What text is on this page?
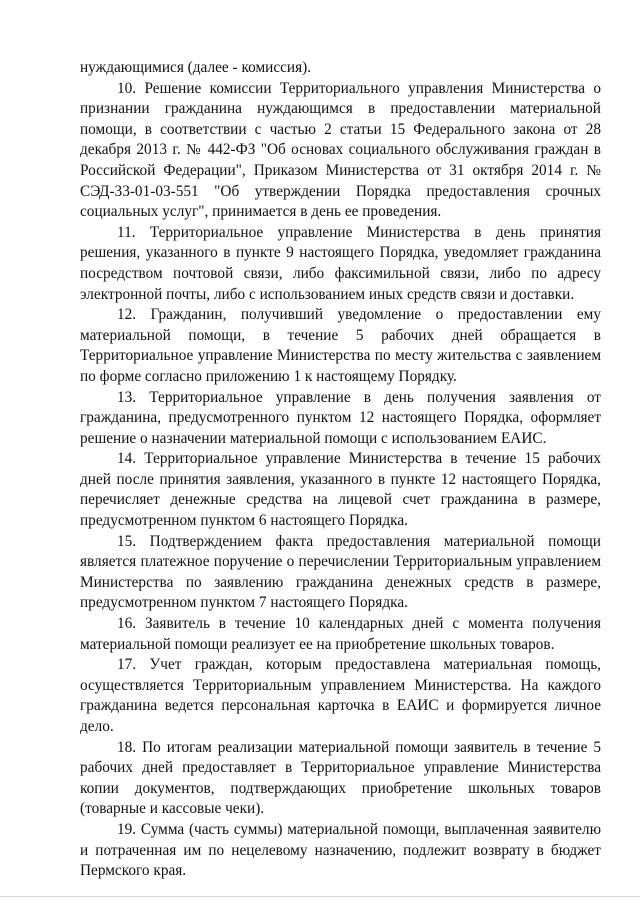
нуждающимися (далее - комиссия).

10. Решение комиссии Территориального управления Министерства о признании гражданина нуждающимся в предоставлении материальной помощи, в соответствии с частью 2 статьи 15 Федерального закона от 28 декабря 2013 г. № 442-ФЗ "Об основах социального обслуживания граждан в Российской Федерации", Приказом Министерства от 31 октября 2014 г. № СЭД-33-01-03-551 "Об утверждении Порядка предоставления срочных социальных услуг", принимается в день ее проведения.

11. Территориальное управление Министерства в день принятия решения, указанного в пункте 9 настоящего Порядка, уведомляет гражданина посредством почтовой связи, либо факсимильной связи, либо по адресу электронной почты, либо с использованием иных средств связи и доставки.

12. Гражданин, получивший уведомление о предоставлении ему материальной помощи, в течение 5 рабочих дней обращается в Территориальное управление Министерства по месту жительства с заявлением по форме согласно приложению 1 к настоящему Порядку.

13. Территориальное управление в день получения заявления от гражданина, предусмотренного пунктом 12 настоящего Порядка, оформляет решение о назначении материальной помощи с использованием ЕАИС.

14. Территориальное управление Министерства в течение 15 рабочих дней после принятия заявления, указанного в пункте 12 настоящего Порядка, перечисляет денежные средства на лицевой счет гражданина в размере, предусмотренном пунктом 6 настоящего Порядка.

15. Подтверждением факта предоставления материальной помощи является платежное поручение о перечислении Территориальным управлением Министерства по заявлению гражданина денежных средств в размере, предусмотренном пунктом 7 настоящего Порядка.

16. Заявитель в течение 10 календарных дней с момента получения материальной помощи реализует ее на приобретение школьных товаров.

17. Учет граждан, которым предоставлена материальная помощь, осуществляется Территориальным управлением Министерства. На каждого гражданина ведется персональная карточка в ЕАИС и формируется личное дело.

18. По итогам реализации материальной помощи заявитель в течение 5 рабочих дней предоставляет в Территориальное управление Министерства копии документов, подтверждающих приобретение школьных товаров (товарные и кассовые чеки).

19. Сумма (часть суммы) материальной помощи, выплаченная заявителю и потраченная им по нецелевому назначению, подлежит возврату в бюджет Пермского края.
